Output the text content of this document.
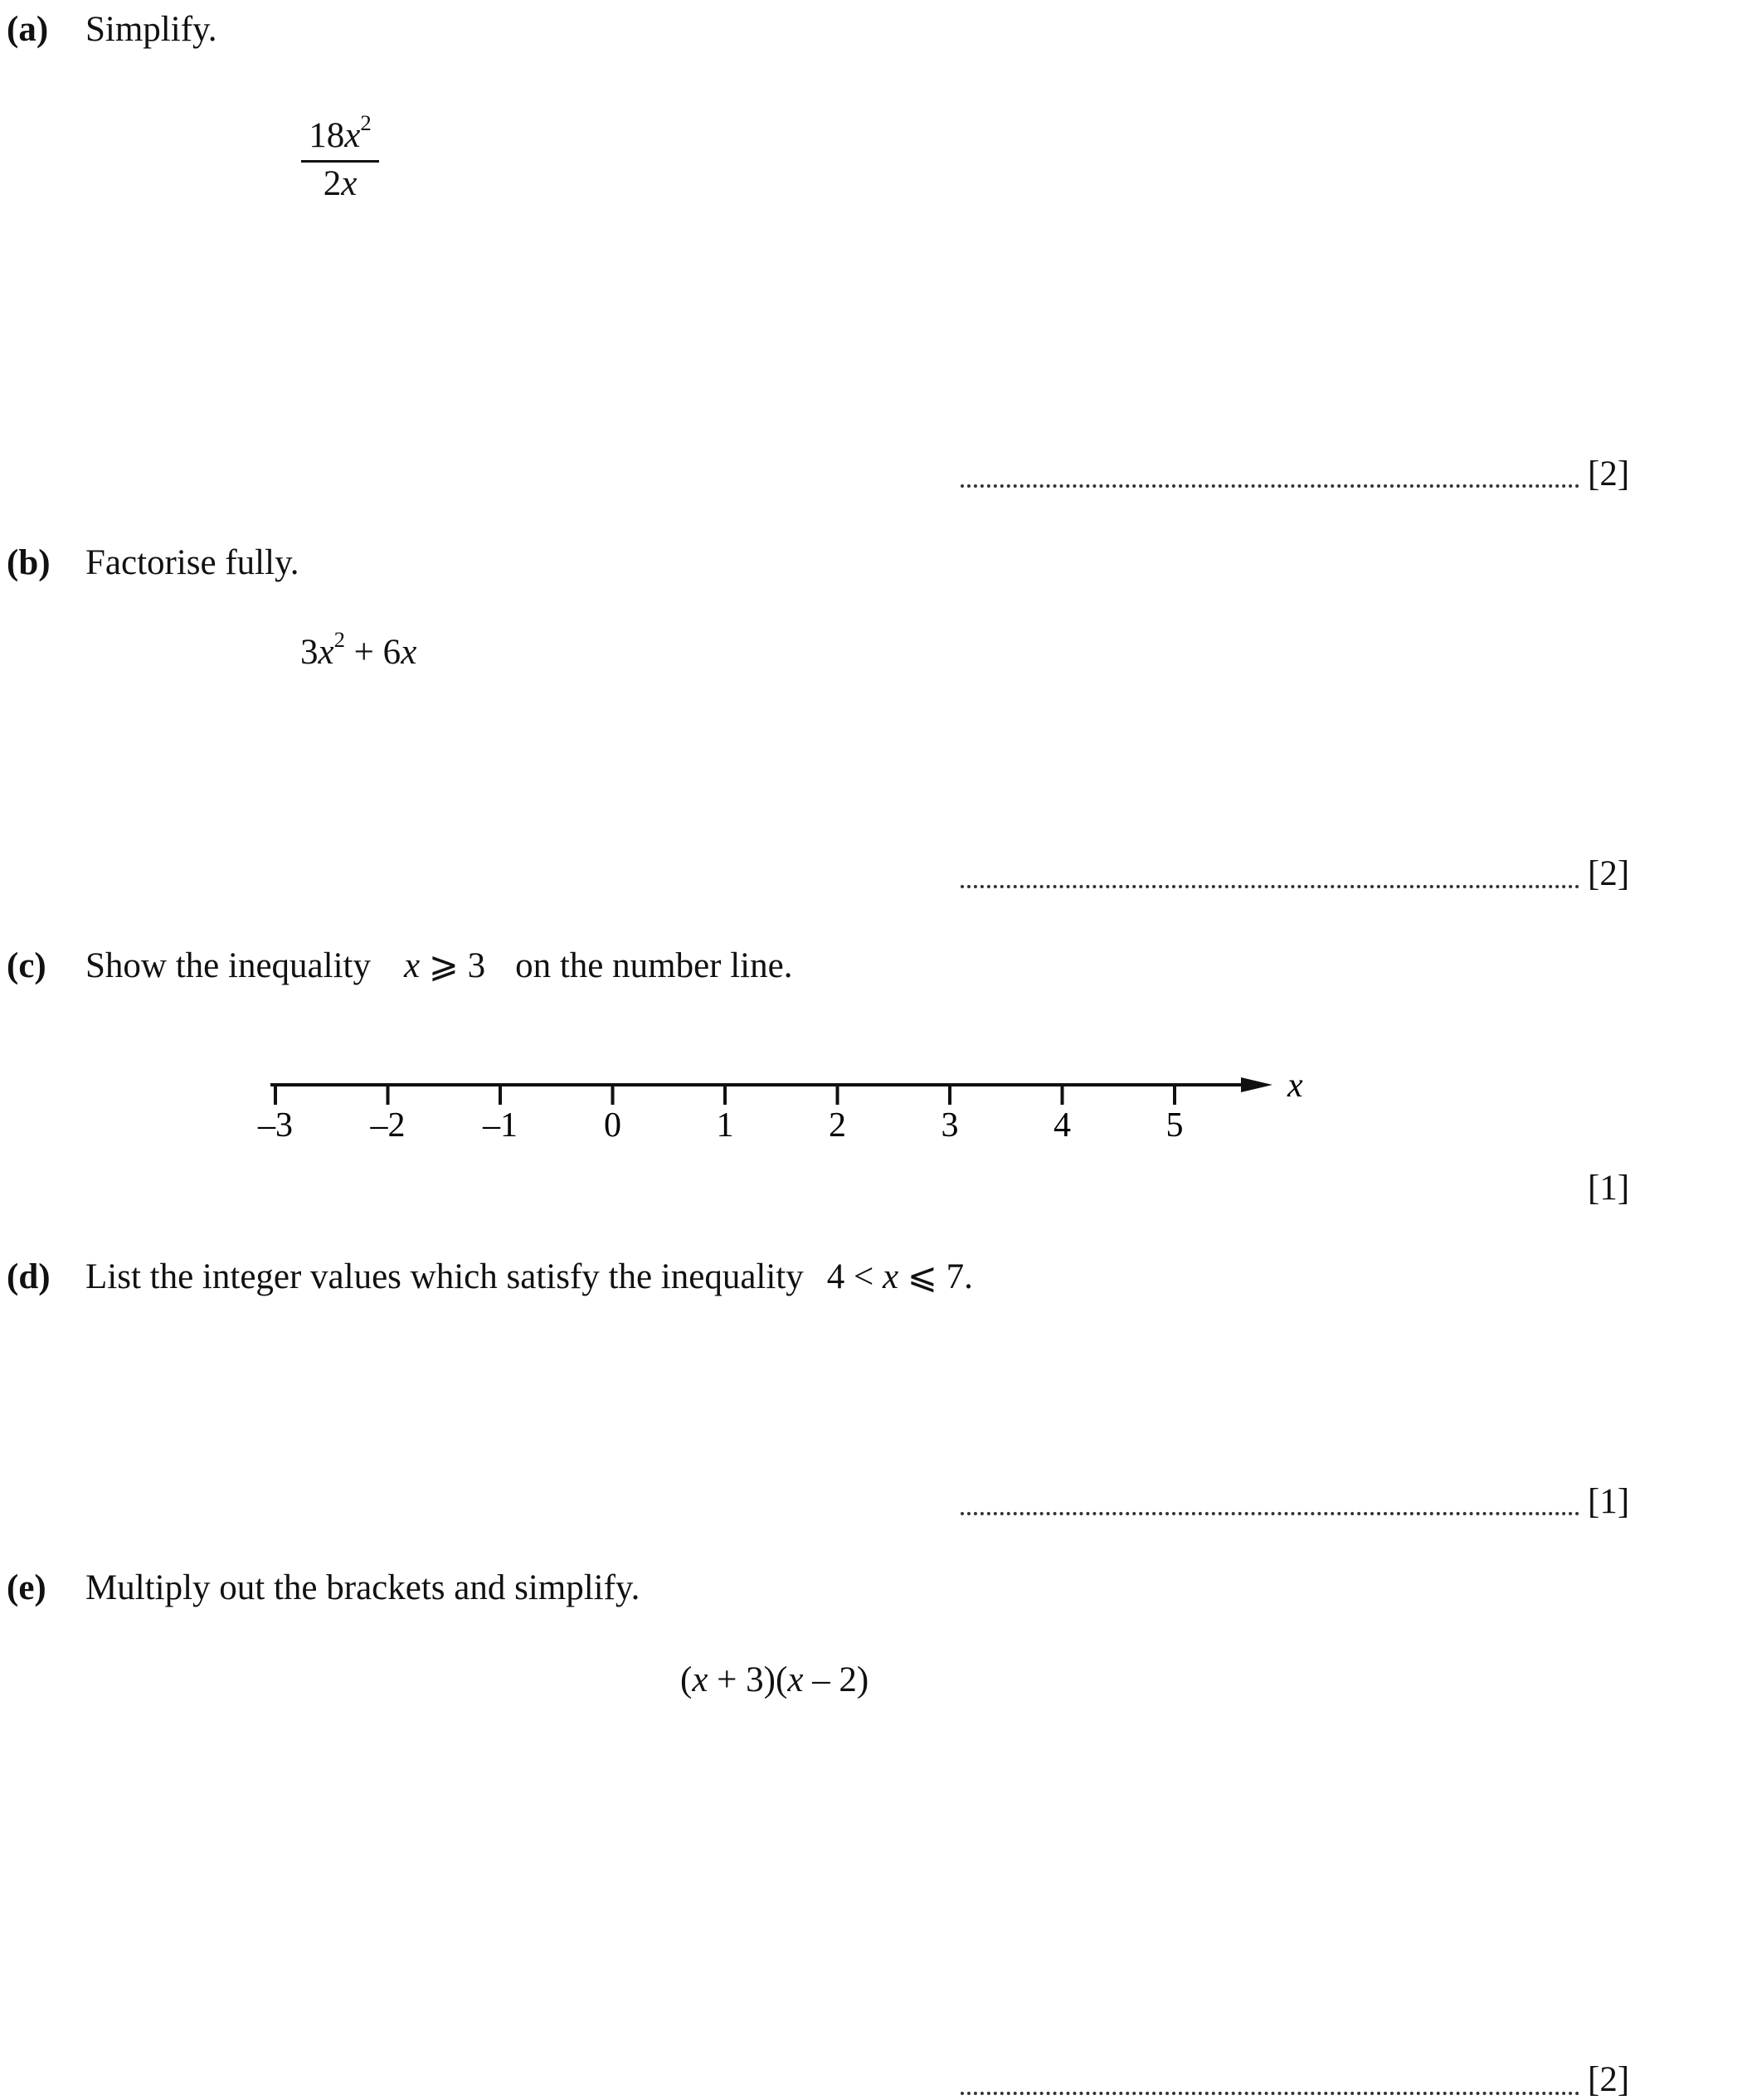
(a) Simplify.
$18x^2$
2x
[2]
(b) Factorise fully.
$3x^2 + 6x$
[2]
(c) Show the inequality x ⩾ 3 on the number line.
x
–3 –2 –1 0	1	2	3	4	5
[1]
(d) List the integer values which satisfy the inequality 4 < x ⩽ 7.
[1]
(e) Multiply out the brackets and simplify.
(x + 3)(x – 2)
[2]
